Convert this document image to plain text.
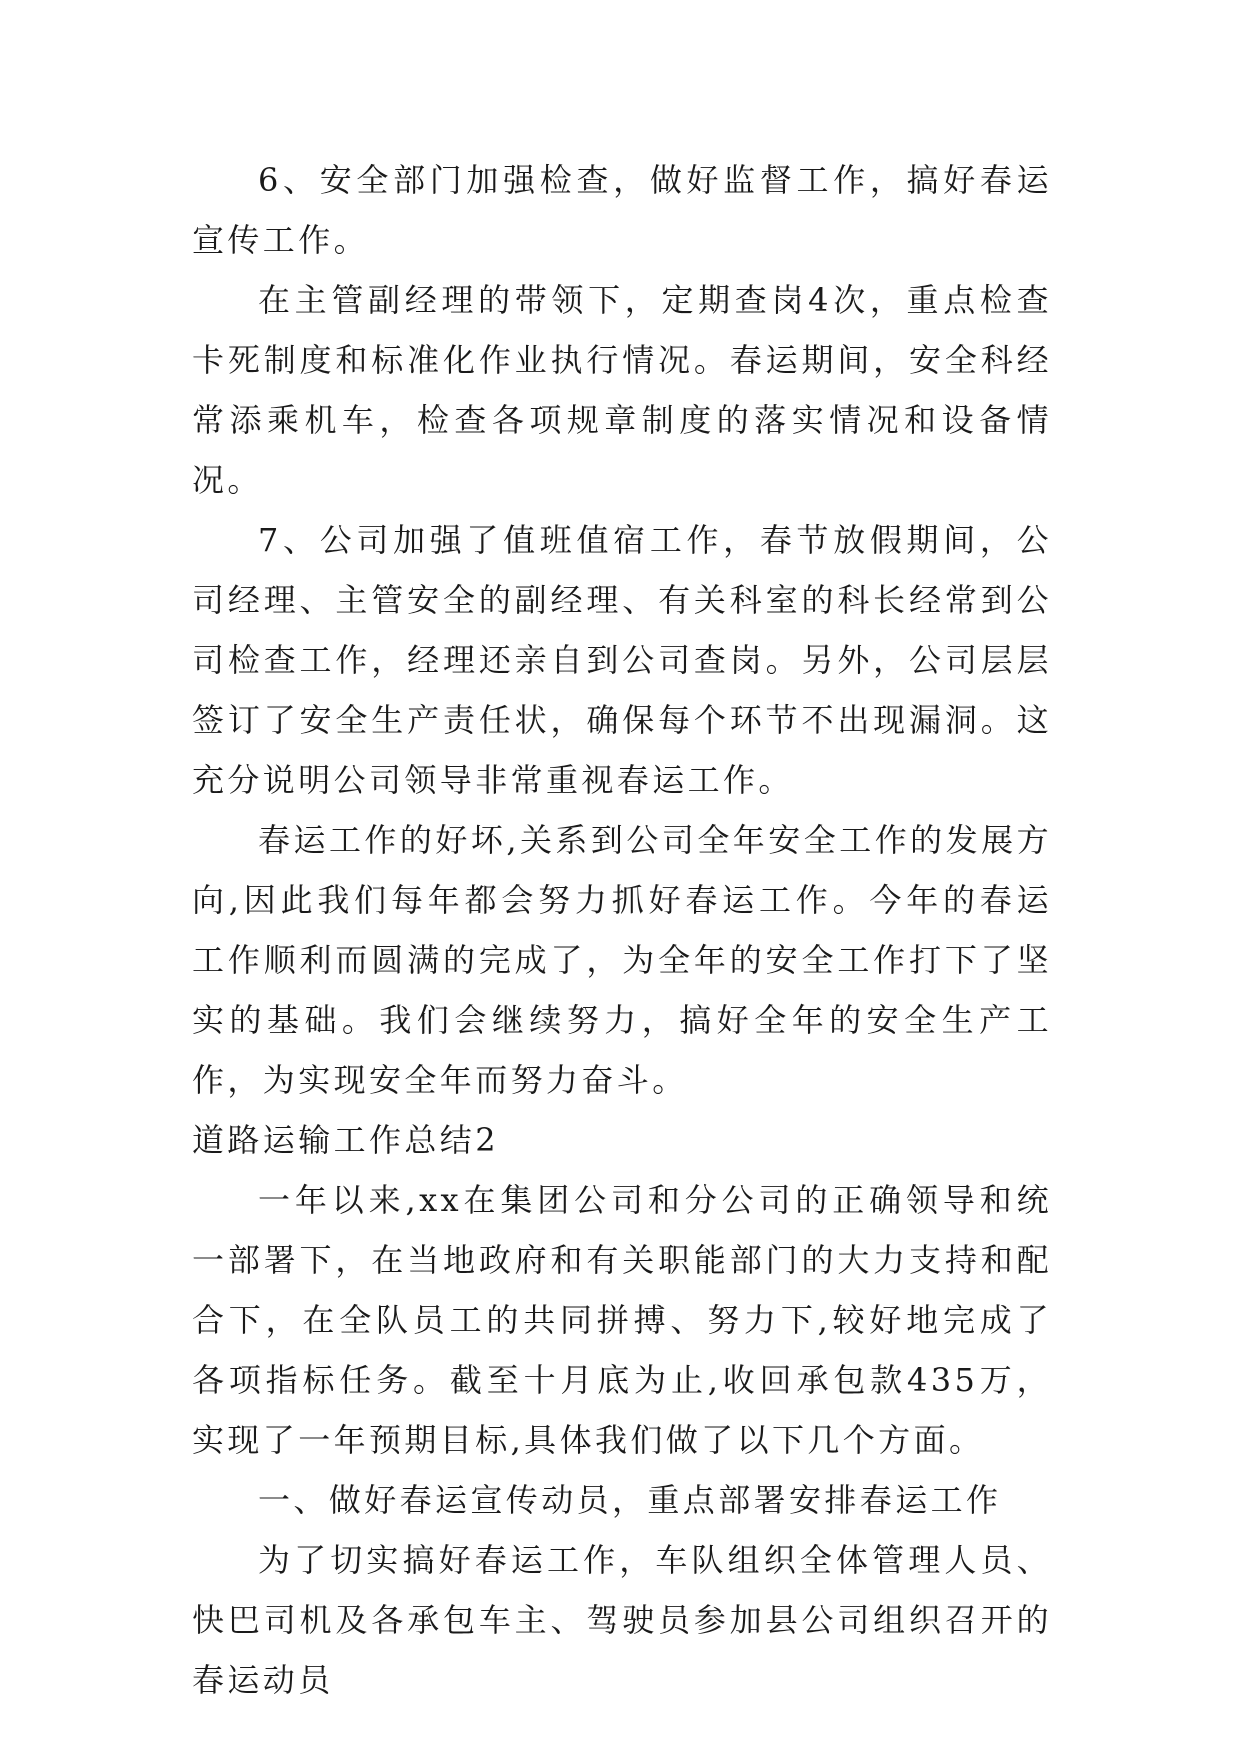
6、安全部门加强检查，做好监督工作，搞好春运宣传工作。

在主管副经理的带领下，定期查岗4次，重点检查卡死制度和标准化作业执行情况。春运期间，安全科经常添乘机车，检查各项规章制度的落实情况和设备情况。

7、公司加强了值班值宿工作，春节放假期间，公司经理、主管安全的副经理、有关科室的科长经常到公司检查工作，经理还亲自到公司查岗。另外，公司层层签订了安全生产责任状，确保每个环节不出现漏洞。这充分说明公司领导非常重视春运工作。

春运工作的好坏,关系到公司全年安全工作的发展方向,因此我们每年都会努力抓好春运工作。今年的春运工作顺利而圆满的完成了，为全年的安全工作打下了坚实的基础。我们会继续努力，搞好全年的安全生产工作，为实现安全年而努力奋斗。

道路运输工作总结2

一年以来,xx在集团公司和分公司的正确领导和统一部署下，在当地政府和有关职能部门的大力支持和配合下，在全队员工的共同拼搏、努力下,较好地完成了各项指标任务。截至十月底为止,收回承包款435万，实现了一年预期目标,具体我们做了以下几个方面。

一、做好春运宣传动员，重点部署安排春运工作

为了切实搞好春运工作，车队组织全体管理人员、快巴司机及各承包车主、驾驶员参加县公司组织召开的春运动员
